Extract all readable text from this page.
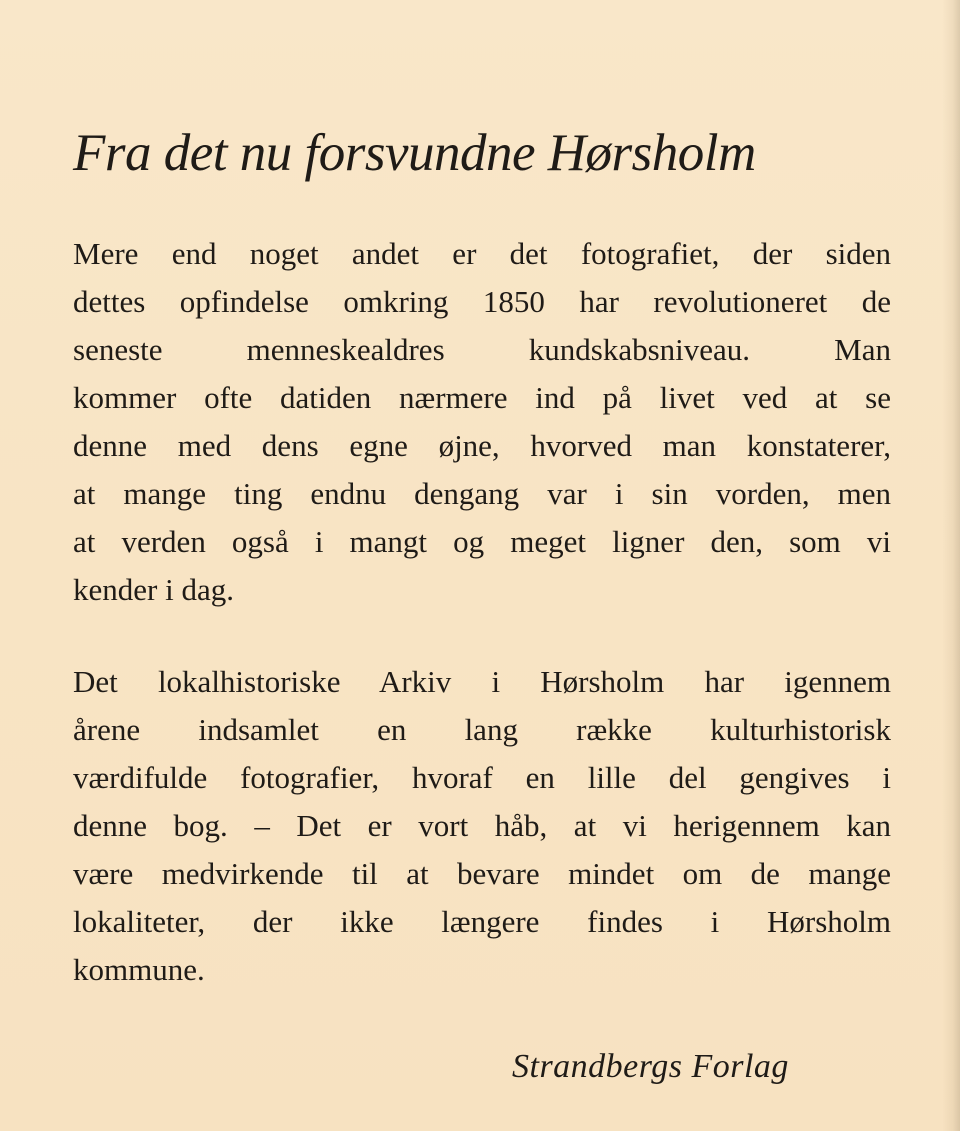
Fra det nu forsvundne Hørsholm

Mere end noget andet er det fotografiet, der siden
dettes opfindelse omkring 1850 har revolutioneret de
seneste menneskealdres kundskabsniveau. Man
kommer ofte datiden nærmere ind på livet ved at se
denne med dens egne øjne, hvorved man konstaterer,
at mange ting endnu dengang var i sin vorden, men
at verden også i mangt og meget ligner den, som vi
kender i dag.

Det lokalhistoriske Arkiv i Hørsholm har igennem
årene indsamlet en lang række kulturhistorisk
værdifulde fotografier, hvoraf en lille del gengives i
denne bog. – Det er vort håb, at vi herigennem kan
være medvirkende til at bevare mindet om de mange
lokaliteter, der ikke længere findes i Hørsholm
kommune.

Strandbergs Forlag
